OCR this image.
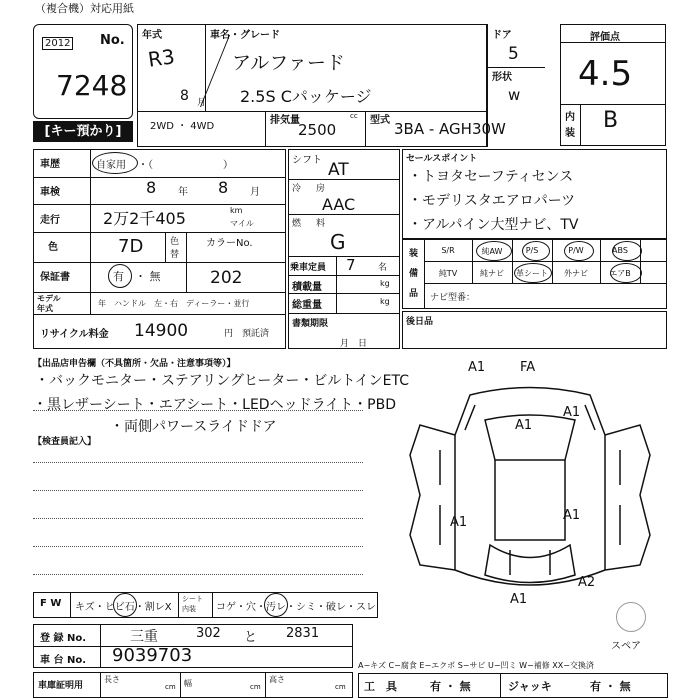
（複合機）対応用紙
2012 No.
7248
[キー預かり]
年式
R3
8 月
車名・グレード
アルファード
2.5S Cパッケージ
2WD ・ 4WD
排気量	cc
2500
型式 3BA - AGH30W
ドア
5
形状
w
評価点
4.5
内
装
B
車歴	自家用 ・（　　　　　　　）
車検	8 年 8 月
走行	2万2千405	km
マイル
色	7D	色
替
カラーNo.
保証書	有 ・ 無	202
モデル
年式
年　ハンドル　左・右　ディーラー・並行
リサイクル料金 14900	円　預託済
シフト AT
冷 房
AAC
燃 料
G
乗車定員 7 名
積載量	kg
総重量	kg
書類期限
月　日
セールスポイント
・トヨタセーフティセンス
・モデリスタエアロパーツ
・アルパイン大型ナビ、TV
装
備
品
S/R	純AW	P/S	P/W	ABS
純TV	純ナビ	革シート	外ナビ	エアB
ナビ型番：
後日品
【出品店申告欄（不具箇所・欠品・注意事項等）】
・バックモニター・ステアリングヒーター・ビルトインETC
・黒レザーシート・エアシート・LEDヘッドライト・PBD
・両側パワースライドドア
【検査員記入】
A1	FA
A1
A1
A1	A1
A1
A2
スペア
F W キズ・ヒビ石・割レX
シート
内装 コゲ・穴・汚レ・シミ・破レ・スレ
登 録 No.	三重	302 と 2831
車 台 No. 9039703
車庫証明用
長さ
cm 幅	cm
高さ
cm
A−キズ C−腐食 E−エクボ S−サビ U−凹ミ W−補修 XX−交換済
工　具	有 ・ 無	ジャッキ	有 ・ 無
